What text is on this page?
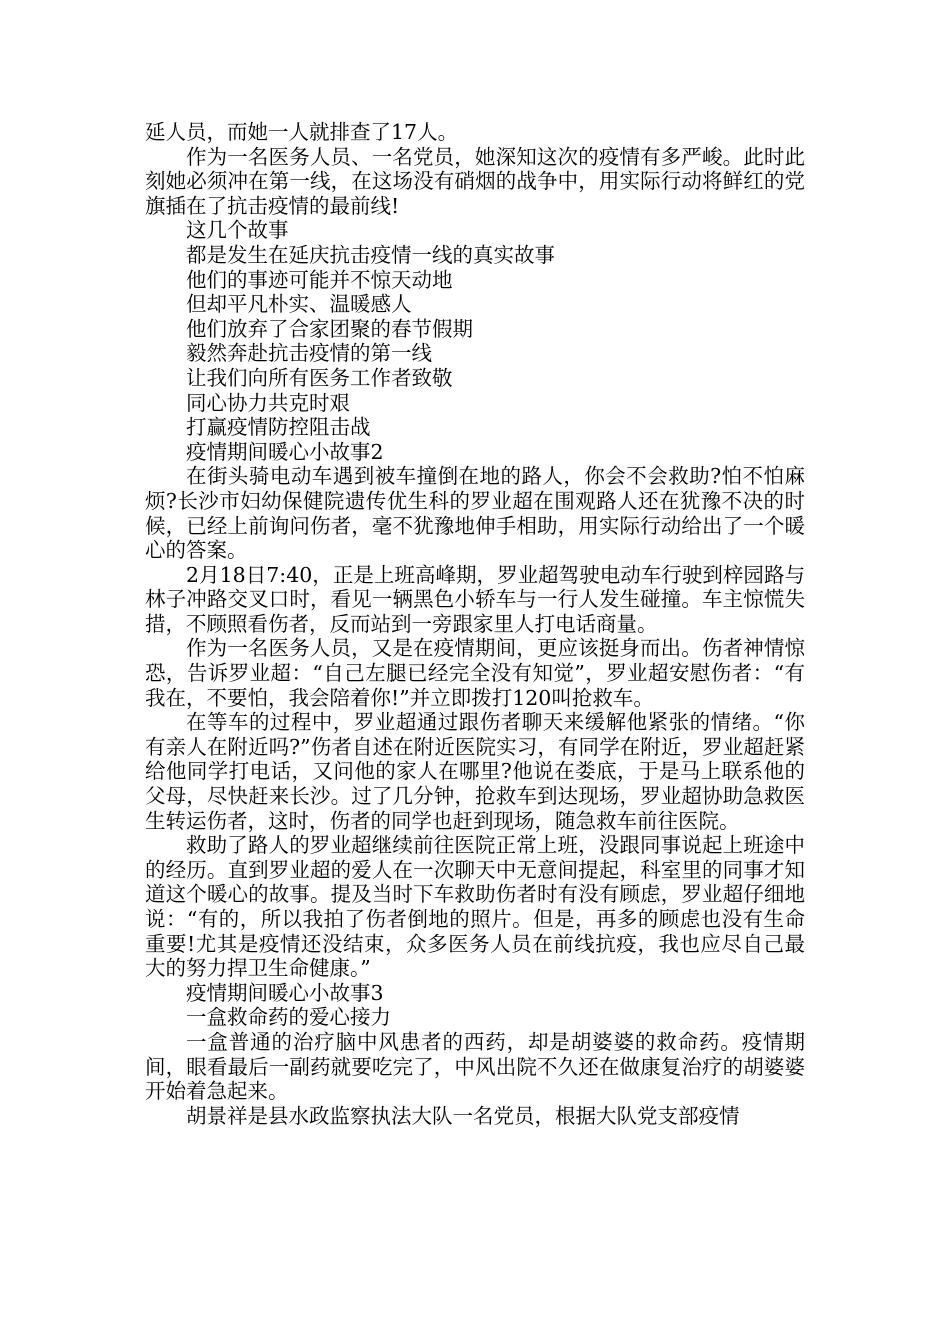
延人员，而她一人就排查了17人。

作为一名医务人员、一名党员，她深知这次的疫情有多严峻。此时此刻她必须冲在第一线，在这场没有硝烟的战争中，用实际行动将鲜红的党旗插在了抗击疫情的最前线!

这几个故事

都是发生在延庆抗击疫情一线的真实故事

他们的事迹可能并不惊天动地

但却平凡朴实、温暖感人

他们放弃了合家团聚的春节假期

毅然奔赴抗击疫情的第一线

让我们向所有医务工作者致敬

同心协力共克时艰

打赢疫情防控阻击战

疫情期间暖心小故事2

在街头骑电动车遇到被车撞倒在地的路人，你会不会救助?怕不怕麻烦?长沙市妇幼保健院遗传优生科的罗业超在围观路人还在犹豫不决的时候，已经上前询问伤者，毫不犹豫地伸手相助，用实际行动给出了一个暖心的答案。

2月18日7:40，正是上班高峰期，罗业超驾驶电动车行驶到梓园路与林子冲路交叉口时，看见一辆黑色小轿车与一行人发生碰撞。车主惊慌失措，不顾照看伤者，反而站到一旁跟家里人打电话商量。

作为一名医务人员，又是在疫情期间，更应该挺身而出。伤者神情惊恐，告诉罗业超：“自己左腿已经完全没有知觉”，罗业超安慰伤者：“有我在，不要怕，我会陪着你!”并立即拨打120叫抢救车。

在等车的过程中，罗业超通过跟伤者聊天来缓解他紧张的情绪。“你有亲人在附近吗?”伤者自述在附近医院实习，有同学在附近，罗业超赶紧给他同学打电话，又问他的家人在哪里?他说在娄底，于是马上联系他的父母，尽快赶来长沙。过了几分钟，抢救车到达现场，罗业超协助急救医生转运伤者，这时，伤者的同学也赶到现场，随急救车前往医院。

救助了路人的罗业超继续前往医院正常上班，没跟同事说起上班途中的经历。直到罗业超的爱人在一次聊天中无意间提起，科室里的同事才知道这个暖心的故事。提及当时下车救助伤者时有没有顾虑，罗业超仔细地说：“有的，所以我拍了伤者倒地的照片。但是，再多的顾虑也没有生命重要!尤其是疫情还没结束，众多医务人员在前线抗疫，我也应尽自己最大的努力捍卫生命健康。”

疫情期间暖心小故事3

一盒救命药的爱心接力

一盒普通的治疗脑中风患者的西药，却是胡婆婆的救命药。疫情期间，眼看最后一副药就要吃完了，中风出院不久还在做康复治疗的胡婆婆开始着急起来。

胡景祥是县水政监察执法大队一名党员，根据大队党支部疫情
